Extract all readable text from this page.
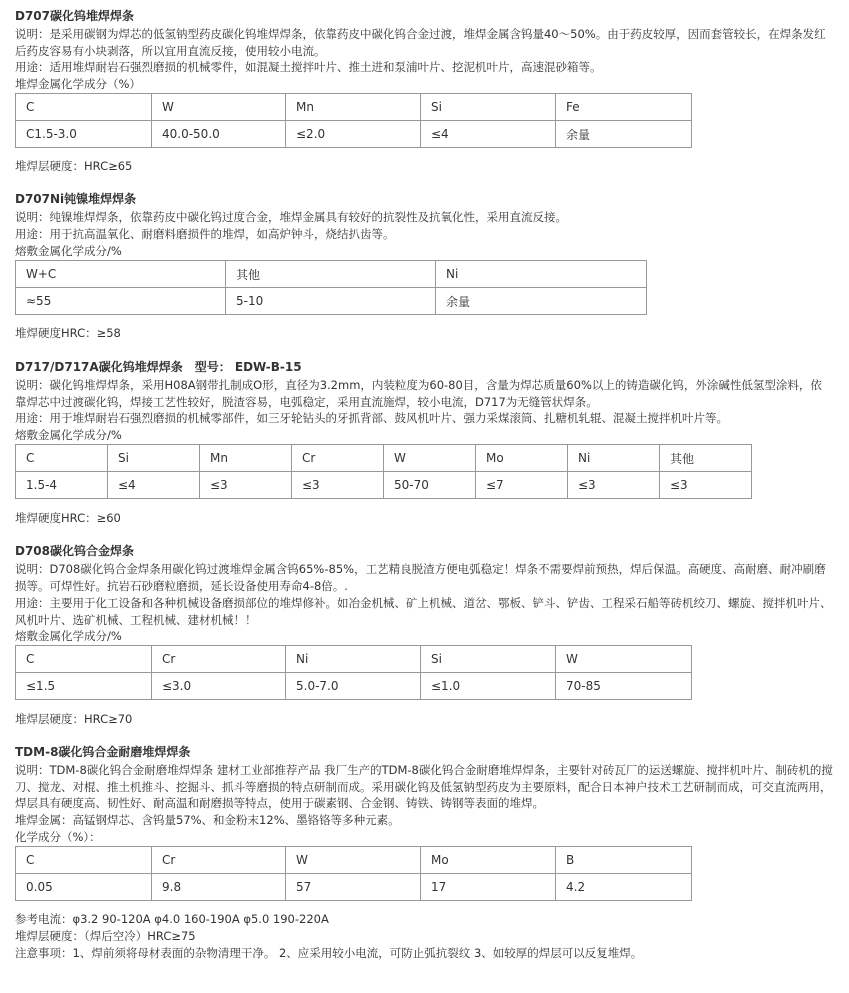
D707碳化钨堆焊焊条
说明：是采用碳钢为焊芯的低氢钠型药皮碳化钨堆焊焊条，依靠药皮中碳化钨合金过渡，堆焊金属含钨量40～50%。由于药皮较厚，因而套管较长，在焊条发红后药皮容易有小块剥落，所以宜用直流反接，使用较小电流。
用途：适用堆焊耐岩石强烈磨损的机械零件，如混凝土搅拌叶片、推土进和泵浦叶片、挖泥机叶片，高速混砂箱等。
堆焊金属化学成分（%）
C	W	Mn	Si	Fe
C1.5-3.0	40.0-50.0	≤2.0	≤4	余量
堆焊层硬度：HRC≥65
D707Ni钝镍堆焊焊条
说明：纯镍堆焊焊条，依靠药皮中碳化钨过度合金，堆焊金属具有较好的抗裂性及抗氧化性，采用直流反接。
用途：用于抗高温氧化、耐磨料磨损件的堆焊，如高炉钟斗，烧结扒齿等。
熔敷金属化学成分/%
W+C	其他	Ni
≈55	5-10	余量
堆焊硬度HRC：≥58
D717/D717A碳化钨堆焊焊条 型号： EDW-B-15
说明：碳化钨堆焊焊条，采用H08A钢带扎制成O形，直径为3.2mm，内装粒度为60-80目，含量为焊芯质量60%以上的铸造碳化钨，外涂碱性低氢型涂料，依靠焊芯中过渡碳化钨，焊接工艺性较好，脱渣容易，电弧稳定，采用直流施焊，较小电流，D717为无缝管状焊条。
用途：用于堆焊耐岩石强烈磨损的机械零部件，如三牙轮钻头的牙抓背部、鼓风机叶片、强力采煤滚筒、扎糖机轧辊、混凝土搅拌机叶片等。
熔敷金属化学成分/%
C	Si	Mn	Cr	W	Mo	Ni	其他
1.5-4	≤4	≤3	≤3	50-70	≤7	≤3	≤3
堆焊硬度HRC：≥60
D708碳化钨合金焊条
说明：D708碳化钨合金焊条用碳化钨过渡堆焊金属含钨65%-85%，工艺精良脱渣方便电弧稳定！焊条不需要焊前预热，焊后保温。高硬度、高耐磨、耐冲刷磨损等。可焊性好。抗岩石砂磨粒磨损，延长设备使用寿命4-8倍。.
用途：主要用于化工设备和各种机械设备磨损部位的堆焊修补。如冶金机械、矿上机械、道岔、鄂板、铲斗、铲齿、工程采石船等砖机绞刀、螺旋、搅拌机叶片、风机叶片、选矿机械、工程机械、建材机械！！
熔敷金属化学成分/%
C	Cr	Ni	Si	W
≤1.5	≤3.0	5.0-7.0	≤1.0	70-85
堆焊层硬度：HRC≥70
TDM-8碳化钨合金耐磨堆焊焊条
说明：TDM-8碳化钨合金耐磨堆焊焊条 建材工业部推荐产品 我厂生产的TDM-8碳化钨合金耐磨堆焊焊条，主要针对砖瓦厂的运送螺旋、搅拌机叶片、制砖机的搅刀、搅龙、对棍、推土机推斗、挖掘斗、抓斗等磨损的特点研制而成。采用碳化钨及低氢钠型药皮为主要原料，配合日本神户技术工艺研制而成，可交直流两用，焊层具有硬度高、韧性好、耐高温和耐磨损等特点，使用于碳素钢、合金钢、铸铁、铸钢等表面的堆焊。
堆焊金属：高锰钢焊芯、含钨量57%、和金粉末12%、墨铬铬等多种元素。
化学成分（%）：
C	Cr	W	Mo	B
0.05	9.8	57	17	4.2
参考电流：φ3.2 90-120A φ4.0 160-190A φ5.0 190-220A
堆焊层硬度：（焊后空冷）HRC≥75
注意事项：1、焊前须将母材表面的杂物清理干净。 2、应采用较小电流，可防止弧抗裂纹 3、如较厚的焊层可以反复堆焊。
